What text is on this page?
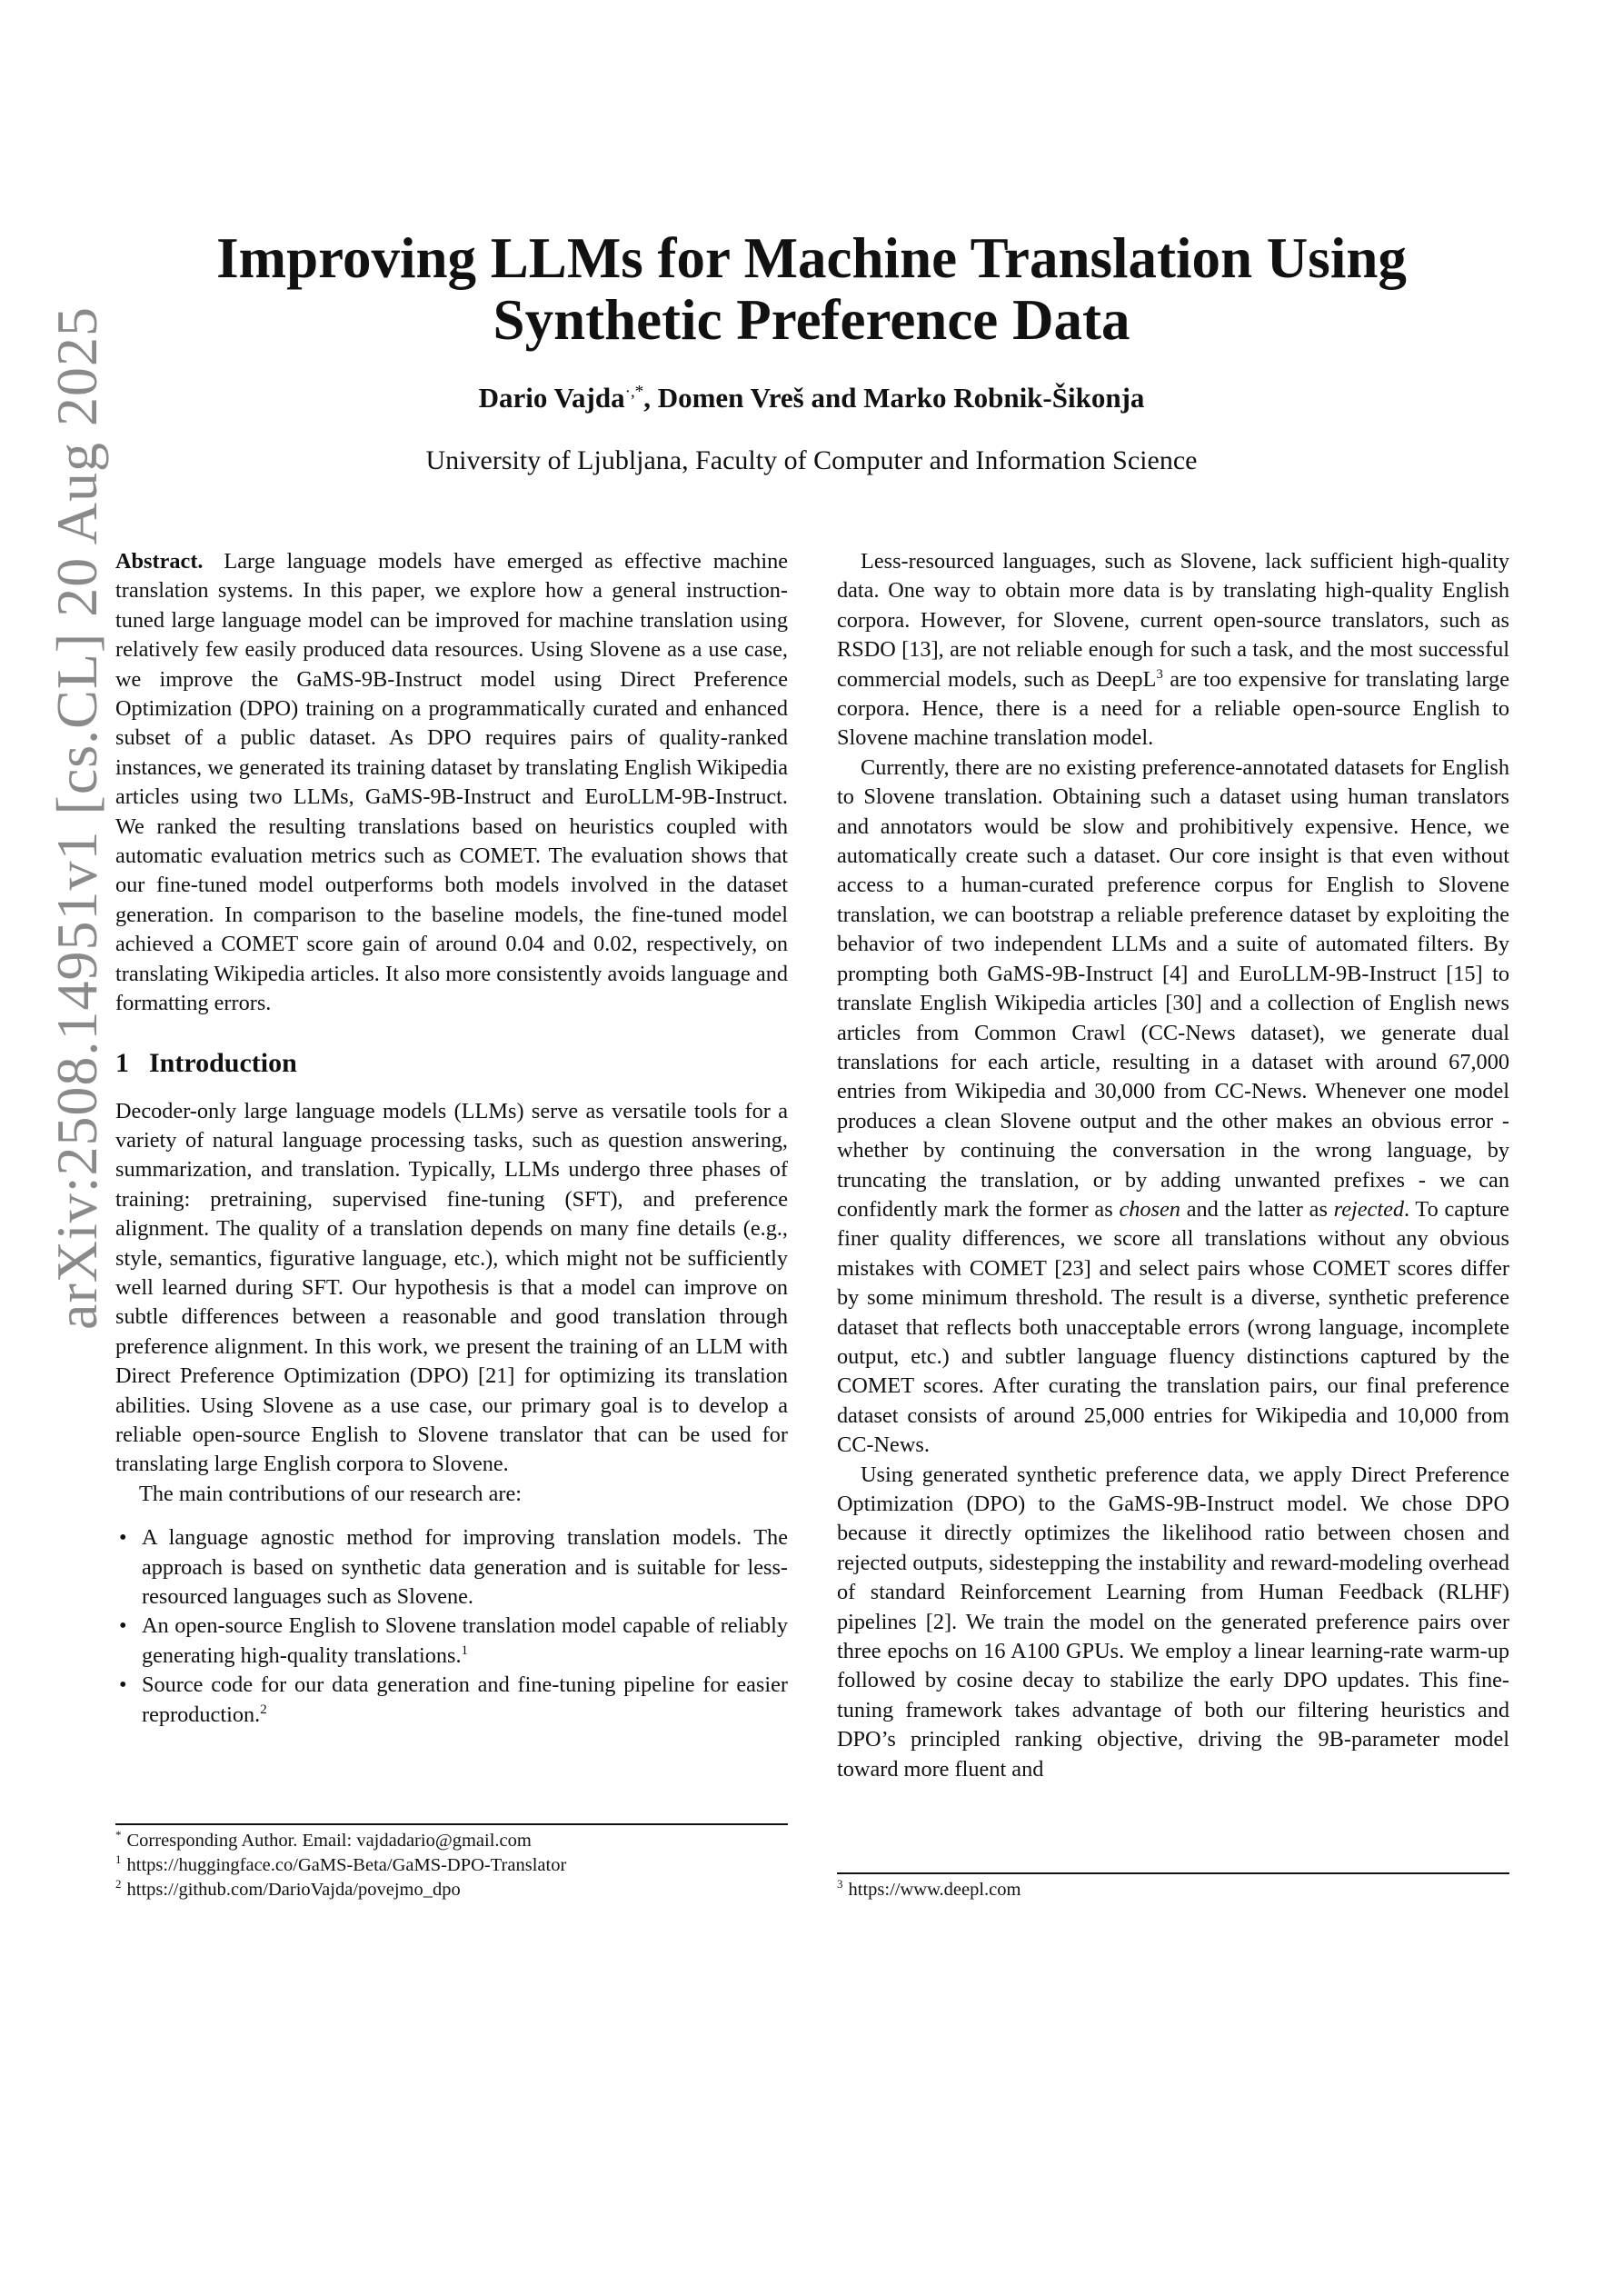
arXiv:2508.14951v1 [cs.CL] 20 Aug 2025
Improving LLMs for Machine Translation Using
Synthetic Preference Data
Dario Vajda·,*, Domen Vreš and Marko Robnik-Šikonja
University of Ljubljana, Faculty of Computer and Information Science

Abstract. Large language models have emerged as effective machine translation systems. In this paper, we explore how a general instruction-tuned large language model can be improved for machine translation using relatively few easily produced data resources. Using Slovene as a use case, we improve the GaMS-9B-Instruct model using Direct Preference Optimization (DPO) training on a programmatically curated and enhanced subset of a public dataset. As DPO requires pairs of quality-ranked instances, we generated its training dataset by translating English Wikipedia articles using two LLMs, GaMS-9B-Instruct and EuroLLM-9B-Instruct. We ranked the resulting translations based on heuristics coupled with automatic evaluation metrics such as COMET. The evaluation shows that our fine-tuned model outperforms both models involved in the dataset generation. In comparison to the baseline models, the fine-tuned model achieved a COMET score gain of around 0.04 and 0.02, respectively, on translating Wikipedia articles. It also more consistently avoids language and formatting errors.

1 Introduction

Decoder-only large language models (LLMs) serve as versatile tools for a variety of natural language processing tasks, such as question answering, summarization, and translation. Typically, LLMs undergo three phases of training: pretraining, supervised fine-tuning (SFT), and preference alignment. The quality of a translation depends on many fine details (e.g., style, semantics, figurative language, etc.), which might not be sufficiently well learned during SFT. Our hypothesis is that a model can improve on subtle differences between a reasonable and good translation through preference alignment. In this work, we present the training of an LLM with Direct Preference Optimization (DPO) [21] for optimizing its translation abilities. Using Slovene as a use case, our primary goal is to develop a reliable open-source English to Slovene translator that can be used for translating large English corpora to Slovene.

The main contributions of our research are:

• A language agnostic method for improving translation models. The approach is based on synthetic data generation and is suitable for less-resourced languages such as Slovene.
• An open-source English to Slovene translation model capable of reliably generating high-quality translations.$^1$
• Source code for our data generation and fine-tuning pipeline for easier reproduction.$^2$
* Corresponding Author. Email: vajdadario@gmail.com
$^1$ https://huggingface.co/GaMS-Beta/GaMS-DPO-Translator
$^2$ https://github.com/DarioVajda/povejmo_dpo

Less-resourced languages, such as Slovene, lack sufficient high-quality data. One way to obtain more data is by translating high-quality English corpora. However, for Slovene, current open-source translators, such as RSDO [13], are not reliable enough for such a task, and the most successful commercial models, such as DeepL$^3$ are too expensive for translating large corpora. Hence, there is a need for a reliable open-source English to Slovene machine translation model.

Currently, there are no existing preference-annotated datasets for English to Slovene translation. Obtaining such a dataset using human translators and annotators would be slow and prohibitively expensive. Hence, we automatically create such a dataset. Our core insight is that even without access to a human-curated preference corpus for English to Slovene translation, we can bootstrap a reliable preference dataset by exploiting the behavior of two independent LLMs and a suite of automated filters. By prompting both GaMS-9B-Instruct [4] and EuroLLM-9B-Instruct [15] to translate English Wikipedia articles [30] and a collection of English news articles from Common Crawl (CC-News dataset), we generate dual translations for each article, resulting in a dataset with around 67,000 entries from Wikipedia and 30,000 from CC-News. Whenever one model produces a clean Slovene output and the other makes an obvious error - whether by continuing the conversation in the wrong language, by truncating the translation, or by adding unwanted prefixes - we can confidently mark the former as chosen and the latter as rejected. To capture finer quality differences, we score all translations without any obvious mistakes with COMET [23] and select pairs whose COMET scores differ by some minimum threshold. The result is a diverse, synthetic preference dataset that reflects both unacceptable errors (wrong language, incomplete output, etc.) and subtler language fluency distinctions captured by the COMET scores. After curating the translation pairs, our final preference dataset consists of around 25,000 entries for Wikipedia and 10,000 from CC-News.

Using generated synthetic preference data, we apply Direct Preference Optimization (DPO) to the GaMS-9B-Instruct model. We chose DPO because it directly optimizes the likelihood ratio between chosen and rejected outputs, sidestepping the instability and reward-modeling overhead of standard Reinforcement Learning from Human Feedback (RLHF) pipelines [2]. We train the model on the generated preference pairs over three epochs on 16 A100 GPUs. We employ a linear learning-rate warm-up followed by cosine decay to stabilize the early DPO updates. This fine-tuning framework takes advantage of both our filtering heuristics and DPO’s principled ranking objective, driving the 9B-parameter model toward more fluent and

$^3$ https://www.deepl.com
